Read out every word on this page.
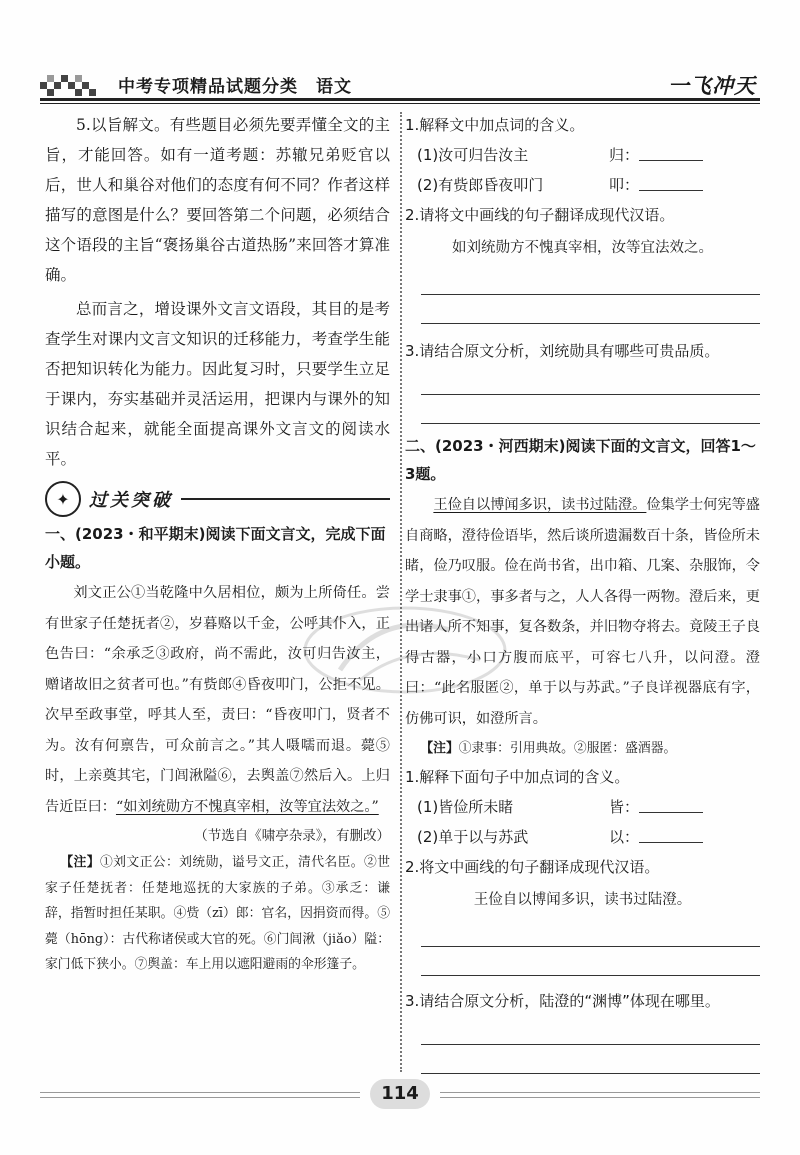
中考专项精品试题分类　语文	一飞冲天

5.以旨解文。有些题目必须先要弄懂全文的主旨，才能回答。如有一道考题：苏辙兄弟贬官以后，世人和巢谷对他们的态度有何不同？作者这样描写的意图是什么？要回答第二个问题，必须结合这个语段的主旨“褒扬巢谷古道热肠”来回答才算准确。

总而言之，增设课外文言文语段，其目的是考查学生对课内文言文知识的迁移能力，考查学生能否把知识转化为能力。因此复习时，只要学生立足于课内，夯实基础并灵活运用，把课内与课外的知识结合起来，就能全面提高课外文言文的阅读水平。

✦	过关突破

一、(2023・和平期末)阅读下面文言文，完成下面小题。

刘文正公①当乾隆中久居相位，颇为上所倚任。尝有世家子任楚抚者②，岁暮赂以千金，公呼其仆入，正色告曰：“余承乏③政府，尚不需此，汝可归告汝主，赠诸故旧之贫者可也。”有赀郎④昏夜叩门，公拒不见。次早至政事堂，呼其人至，责曰：“昏夜叩门，贤者不为。汝有何禀告，可众前言之。”其人嗫嚅而退。薨⑤时，上亲奠其宅，门闾湫隘⑥，去舆盖⑦然后入。上归告近臣曰：“如刘统勋方不愧真宰相，汝等宜法效之。”

（节选自《啸亭杂录》，有删改）

【注】①刘文正公：刘统勋，谥号文正，清代名臣。②世家子任楚抚者：任楚地巡抚的大家族的子弟。③承乏：谦辞，指暂时担任某职。④赀（zī）郎：官名，因捐资而得。⑤薨（hōng）：古代称诸侯或大官的死。⑥门闾湫（jiǎo）隘：家门低下狭小。⑦舆盖：车上用以遮阳避雨的伞形篷子。

1.解释文中加点词的含义。

(1)汝可归告汝主	归：
(2)有赀郎昏夜叩门	叩：

2.请将文中画线的句子翻译成现代汉语。

如刘统勋方不愧真宰相，汝等宜法效之。

3.请结合原文分析，刘统勋具有哪些可贵品质。

二、(2023・河西期末)阅读下面的文言文，回答1～3题。

王俭自以博闻多识，读书过陆澄。俭集学士何宪等盛自商略，澄待俭语毕，然后谈所遗漏数百十条，皆俭所未睹，俭乃叹服。俭在尚书省，出巾箱、几案、杂服饰，令学士隶事①，事多者与之，人人各得一两物。澄后来，更出诸人所不知事，复各数条，并旧物夺将去。竟陵王子良得古器，小口方腹而底平，可容七八升，以问澄。澄曰：“此名服匿②，单于以与苏武。”子良详视器底有字，仿佛可识，如澄所言。

【注】①隶事：引用典故。②服匿：盛酒器。

1.解释下面句子中加点词的含义。

(1)皆俭所未睹	皆：
(2)单于以与苏武	以：

2.将文中画线的句子翻译成现代汉语。

王俭自以博闻多识，读书过陆澄。

3.请结合原文分析，陆澄的“渊博”体现在哪里。

114
